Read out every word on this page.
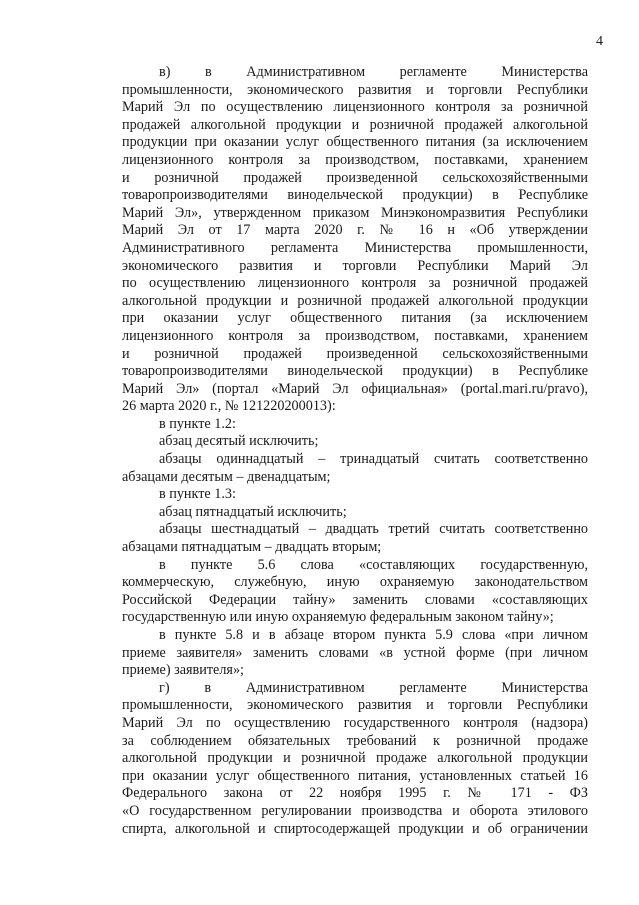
4
в) в Административном регламенте Министерства
промышленности, экономического развития и торговли Республики
Марий Эл по осуществлению лицензионного контроля за розничной
продажей алкогольной продукции и розничной продажей алкогольной
продукции при оказании услуг общественного питания (за исключением
лицензионного контроля за производством, поставками, хранением
и розничной продажей произведенной сельскохозяйственными
товаропроизводителями винодельческой продукции) в Республике
Марий Эл», утвержденном приказом Минэкономразвития Республики
Марий Эл от 17 марта 2020 г. № 16 н «Об утверждении
Административного регламента Министерства промышленности,
экономического развития и торговли Республики Марий Эл
по осуществлению лицензионного контроля за розничной продажей
алкогольной продукции и розничной продажей алкогольной продукции
при оказании услуг общественного питания (за исключением
лицензионного контроля за производством, поставками, хранением
и розничной продажей произведенной сельскохозяйственными
товаропроизводителями винодельческой продукции) в Республике
Марий Эл» (портал «Марий Эл официальная» (portal.mari.ru/pravo),
26 марта 2020 г., № 121220200013):
в пункте 1.2:
абзац десятый исключить;
абзацы одиннадцатый – тринадцатый считать соответственно
абзацами десятым – двенадцатым;
в пункте 1.3:
абзац пятнадцатый исключить;
абзацы шестнадцатый – двадцать третий считать соответственно
абзацами пятнадцатым – двадцать вторым;
в пункте 5.6 слова «составляющих государственную,
коммерческую, служебную, иную охраняемую законодательством
Российской Федерации тайну» заменить словами «составляющих
государственную или иную охраняемую федеральным законом тайну»;
в пункте 5.8 и в абзаце втором пункта 5.9 слова «при личном
приеме заявителя» заменить словами «в устной форме (при личном
приеме) заявителя»;
г) в Административном регламенте Министерства
промышленности, экономического развития и торговли Республики
Марий Эл по осуществлению государственного контроля (надзора)
за соблюдением обязательных требований к розничной продаже
алкогольной продукции и розничной продаже алкогольной продукции
при оказании услуг общественного питания, установленных статьей 16
Федерального закона от 22 ноября 1995 г. № 171 - ФЗ
«О государственном регулировании производства и оборота этилового
спирта, алкогольной и спиртосодержащей продукции и об ограничении
